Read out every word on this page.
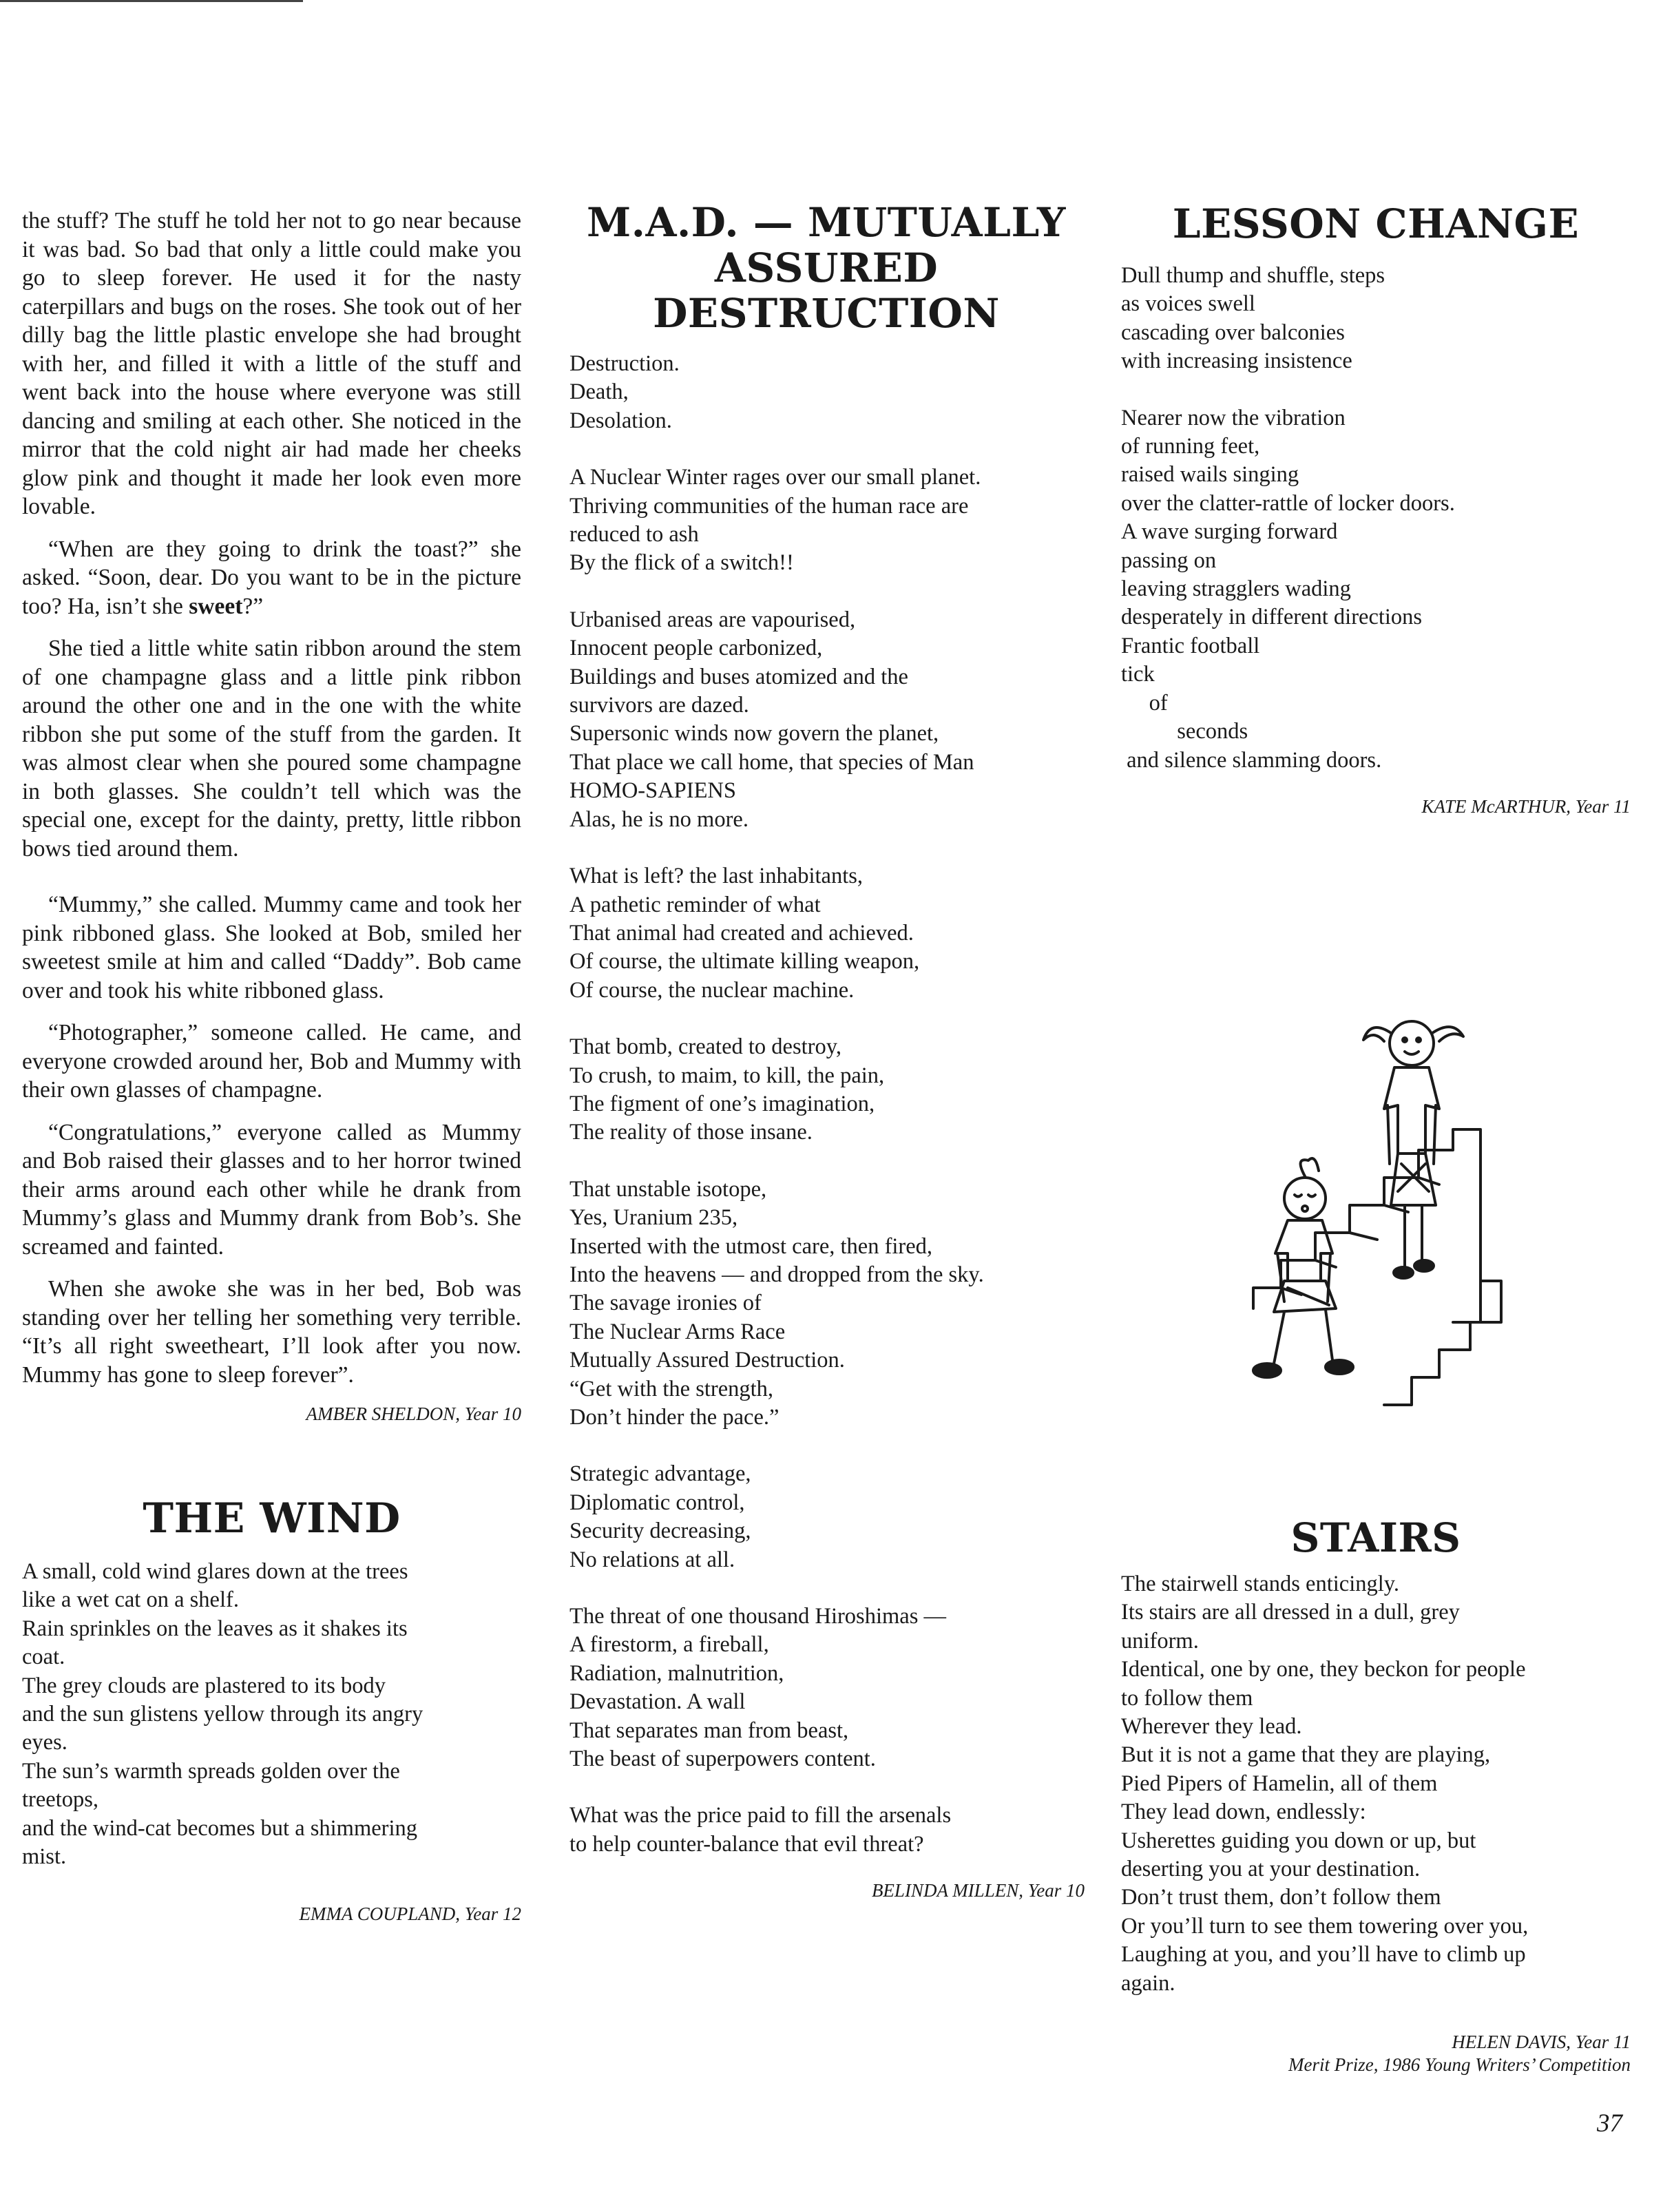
the stuff? The stuff he told her not to go near because it was bad. So bad that only a little could make you go to sleep forever. He used it for the nasty caterpillars and bugs on the roses. She took out of her dilly bag the little plastic envelope she had brought with her, and filled it with a little of the stuff and went back into the house where everyone was still dancing and smiling at each other. She noticed in the mirror that the cold night air had made her cheeks glow pink and thought it made her look even more lovable.

“When are they going to drink the toast?” she asked. “Soon, dear. Do you want to be in the picture too? Ha, isn’t she sweet?”

She tied a little white satin ribbon around the stem of one champagne glass and a little pink ribbon around the other one and in the one with the white ribbon she put some of the stuff from the garden. It was almost clear when she poured some champagne in both glasses. She couldn’t tell which was the special one, except for the dainty, pretty, little ribbon bows tied around them.

“Mummy,” she called. Mummy came and took her pink ribboned glass. She looked at Bob, smiled her sweetest smile at him and called “Daddy”. Bob came over and took his white ribboned glass.

“Photographer,” someone called. He came, and everyone crowded around her, Bob and Mummy with their own glasses of champagne.

“Congratulations,” everyone called as Mummy and Bob raised their glasses and to her horror twined their arms around each other while he drank from Mummy’s glass and Mummy drank from Bob’s. She screamed and fainted.

When she awoke she was in her bed, Bob was standing over her telling her something very terrible. “It’s all right sweetheart, I’ll look after you now. Mummy has gone to sleep forever”.

AMBER SHELDON, Year 10
THE WIND
A small, cold wind glares down at the trees
like a wet cat on a shelf.
Rain sprinkles on the leaves as it shakes its
coat.
The grey clouds are plastered to its body
and the sun glistens yellow through its angry
eyes.
The sun’s warmth spreads golden over the
treetops,
and the wind-cat becomes but a shimmering
mist.
EMMA COUPLAND, Year 12
M.A.D. — MUTUALLY
ASSURED
DESTRUCTION
Destruction.
Death,
Desolation.
A Nuclear Winter rages over our small planet.
Thriving communities of the human race are
reduced to ash
By the flick of a switch!!
Urbanised areas are vapourised,
Innocent people carbonized,
Buildings and buses atomized and the
survivors are dazed.
Supersonic winds now govern the planet,
That place we call home, that species of Man
HOMO-SAPIENS
Alas, he is no more.
What is left? the last inhabitants,
A pathetic reminder of what
That animal had created and achieved.
Of course, the ultimate killing weapon,
Of course, the nuclear machine.
That bomb, created to destroy,
To crush, to maim, to kill, the pain,
The figment of one’s imagination,
The reality of those insane.
That unstable isotope,
Yes, Uranium 235,
Inserted with the utmost care, then fired,
Into the heavens — and dropped from the sky.
The savage ironies of
The Nuclear Arms Race
Mutually Assured Destruction.
“Get with the strength,
Don’t hinder the pace.”
Strategic advantage,
Diplomatic control,
Security decreasing,
No relations at all.
The threat of one thousand Hiroshimas —
A firestorm, a fireball,
Radiation, malnutrition,
Devastation. A wall
That separates man from beast,
The beast of superpowers content.
What was the price paid to fill the arsenals
to help counter-balance that evil threat?
BELINDA MILLEN, Year 10
LESSON CHANGE
Dull thump and shuffle, steps
as voices swell
cascading over balconies
with increasing insistence
Nearer now the vibration
of running feet,
raised wails singing
over the clatter-rattle of locker doors.
A wave surging forward
passing on
leaving stragglers wading
desperately in different directions
Frantic football
tick
of
seconds
and silence slamming doors.
KATE McARTHUR, Year 11
STAIRS
The stairwell stands enticingly.
Its stairs are all dressed in a dull, grey
uniform.
Identical, one by one, they beckon for people
to follow them
Wherever they lead.
But it is not a game that they are playing,
Pied Pipers of Hamelin, all of them
They lead down, endlessly:
Usherettes guiding you down or up, but
deserting you at your destination.
Don’t trust them, don’t follow them
Or you’ll turn to see them towering over you,
Laughing at you, and you’ll have to climb up
again.
HELEN DAVIS, Year 11
Merit Prize, 1986 Young Writers’ Competition
37
